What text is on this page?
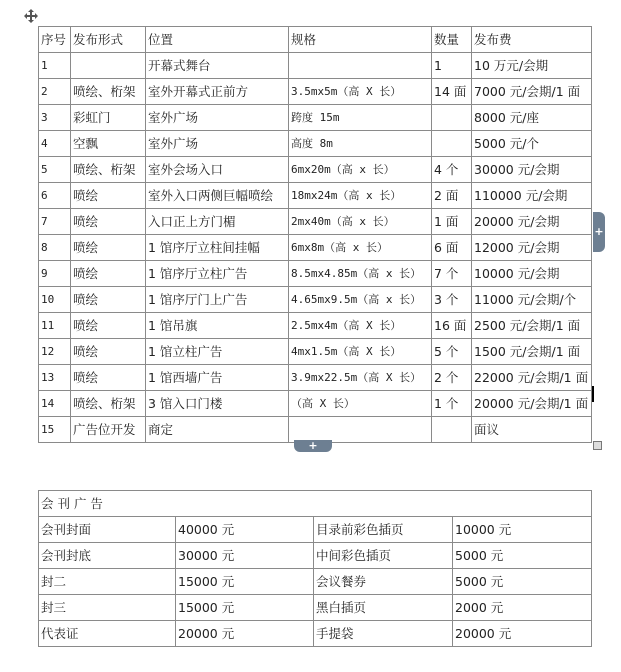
序号	发布形式	位置	规格	数量	发布费
1		开幕式舞台		1	10 万元/会期
2	喷绘、桁架	室外开幕式正前方	3.5mx5m（高 X 长）	14 面	7000 元/会期/1 面
3	彩虹门	室外广场	跨度 15m		8000 元/座
4	空飘	室外广场	高度 8m		5000 元/个
5	喷绘、桁架	室外会场入口	6mx20m（高 x 长）	4 个	30000 元/会期
6	喷绘	室外入口两侧巨幅喷绘	18mx24m（高 x 长）	2 面	110000 元/会期
7	喷绘	入口正上方门楣	2mx40m（高 x 长）	1 面	20000 元/会期
8	喷绘	1 馆序厅立柱间挂幅	6mx8m（高 x 长）	6 面	12000 元/会期
9	喷绘	1 馆序厅立柱广告	8.5mx4.85m（高 x 长）	7 个	10000 元/会期
10	喷绘	1 馆序厅门上广告	4.65mx9.5m（高 x 长）	3 个	11000 元/会期/个
11	喷绘	1 馆吊旗	2.5mx4m（高 X 长）	16 面	2500 元/会期/1 面
12	喷绘	1 馆立柱广告	4mx1.5m（高 X 长）	5 个	1500 元/会期/1 面
13	喷绘	1 馆西墙广告	3.9mx22.5m（高 X 长）	2 个	22000 元/会期/1 面
14	喷绘、桁架	3 馆入口门楼	（高 X 长）	1 个	20000 元/会期/1 面
15	广告位开发	商定			面议
+
+
会 刊 广 告			
会刊封面	40000 元	目录前彩色插页	10000 元
会刊封底	30000 元	中间彩色插页	5000 元
封二	15000 元	会议餐券	5000 元
封三	15000 元	黑白插页	2000 元
代表证	20000 元	手提袋	20000 元
